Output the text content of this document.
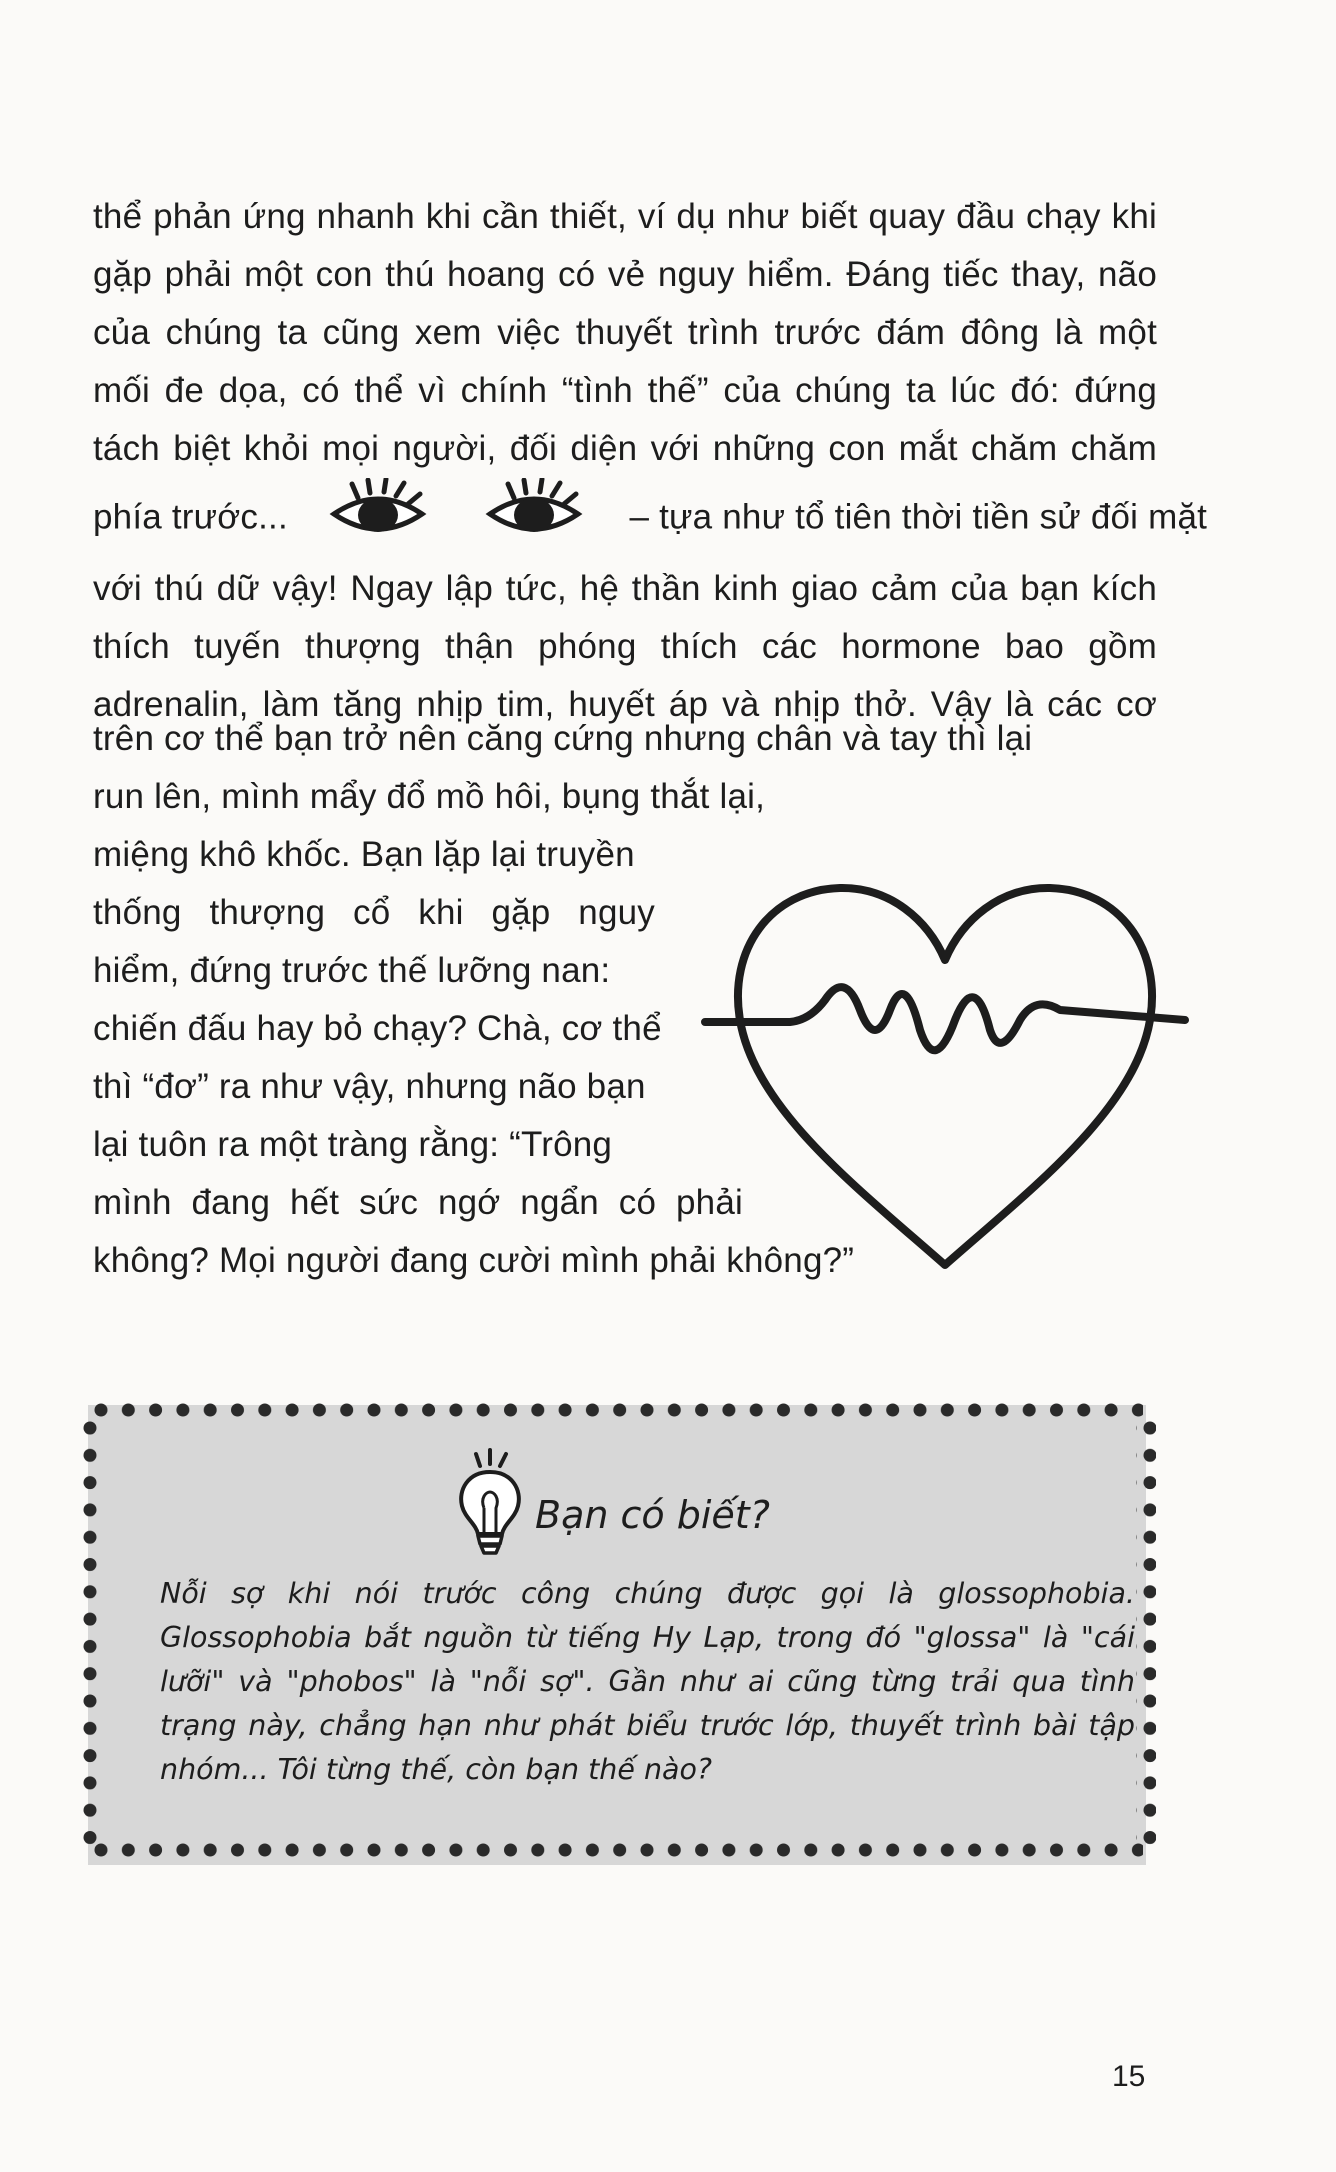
thể phản ứng nhanh khi cần thiết, ví dụ như biết quay đầu chạy khi
gặp phải một con thú hoang có vẻ nguy hiểm. Đáng tiếc thay, não
của chúng ta cũng xem việc thuyết trình trước đám đông là một
mối đe dọa, có thể vì chính “tình thế” của chúng ta lúc đó: đứng
tách biệt khỏi mọi người, đối diện với những con mắt chăm chăm
phía trước...	– tựa như tổ tiên thời tiền sử đối mặt
với thú dữ vậy! Ngay lập tức, hệ thần kinh giao cảm của bạn kích
thích tuyến thượng thận phóng thích các hormone bao gồm
adrenalin, làm tăng nhịp tim, huyết áp và nhịp thở. Vậy là các cơ
trên cơ thể bạn trở nên căng cứng nhưng chân và tay thì lại
run lên, mình mẩy đổ mồ hôi, bụng thắt lại,
miệng khô khốc. Bạn lặp lại truyền
thống thượng cổ khi gặp nguy
hiểm, đứng trước thế lưỡng nan:
chiến đấu hay bỏ chạy? Chà, cơ thể
thì “đơ” ra như vậy, nhưng não bạn
lại tuôn ra một tràng rằng: “Trông
mình đang hết sức ngớ ngẩn có phải
không? Mọi người đang cười mình phải không?”
Bạn có biết?
Nỗi sợ khi nói trước công chúng được gọi là glossophobia.
Glossophobia bắt nguồn từ tiếng Hy Lạp, trong đó "glossa" là "cái
lưỡi" và "phobos" là "nỗi sợ". Gần như ai cũng từng trải qua tình
trạng này, chẳng hạn như phát biểu trước lớp, thuyết trình bài tập
nhóm... Tôi từng thế, còn bạn thế nào?
15
